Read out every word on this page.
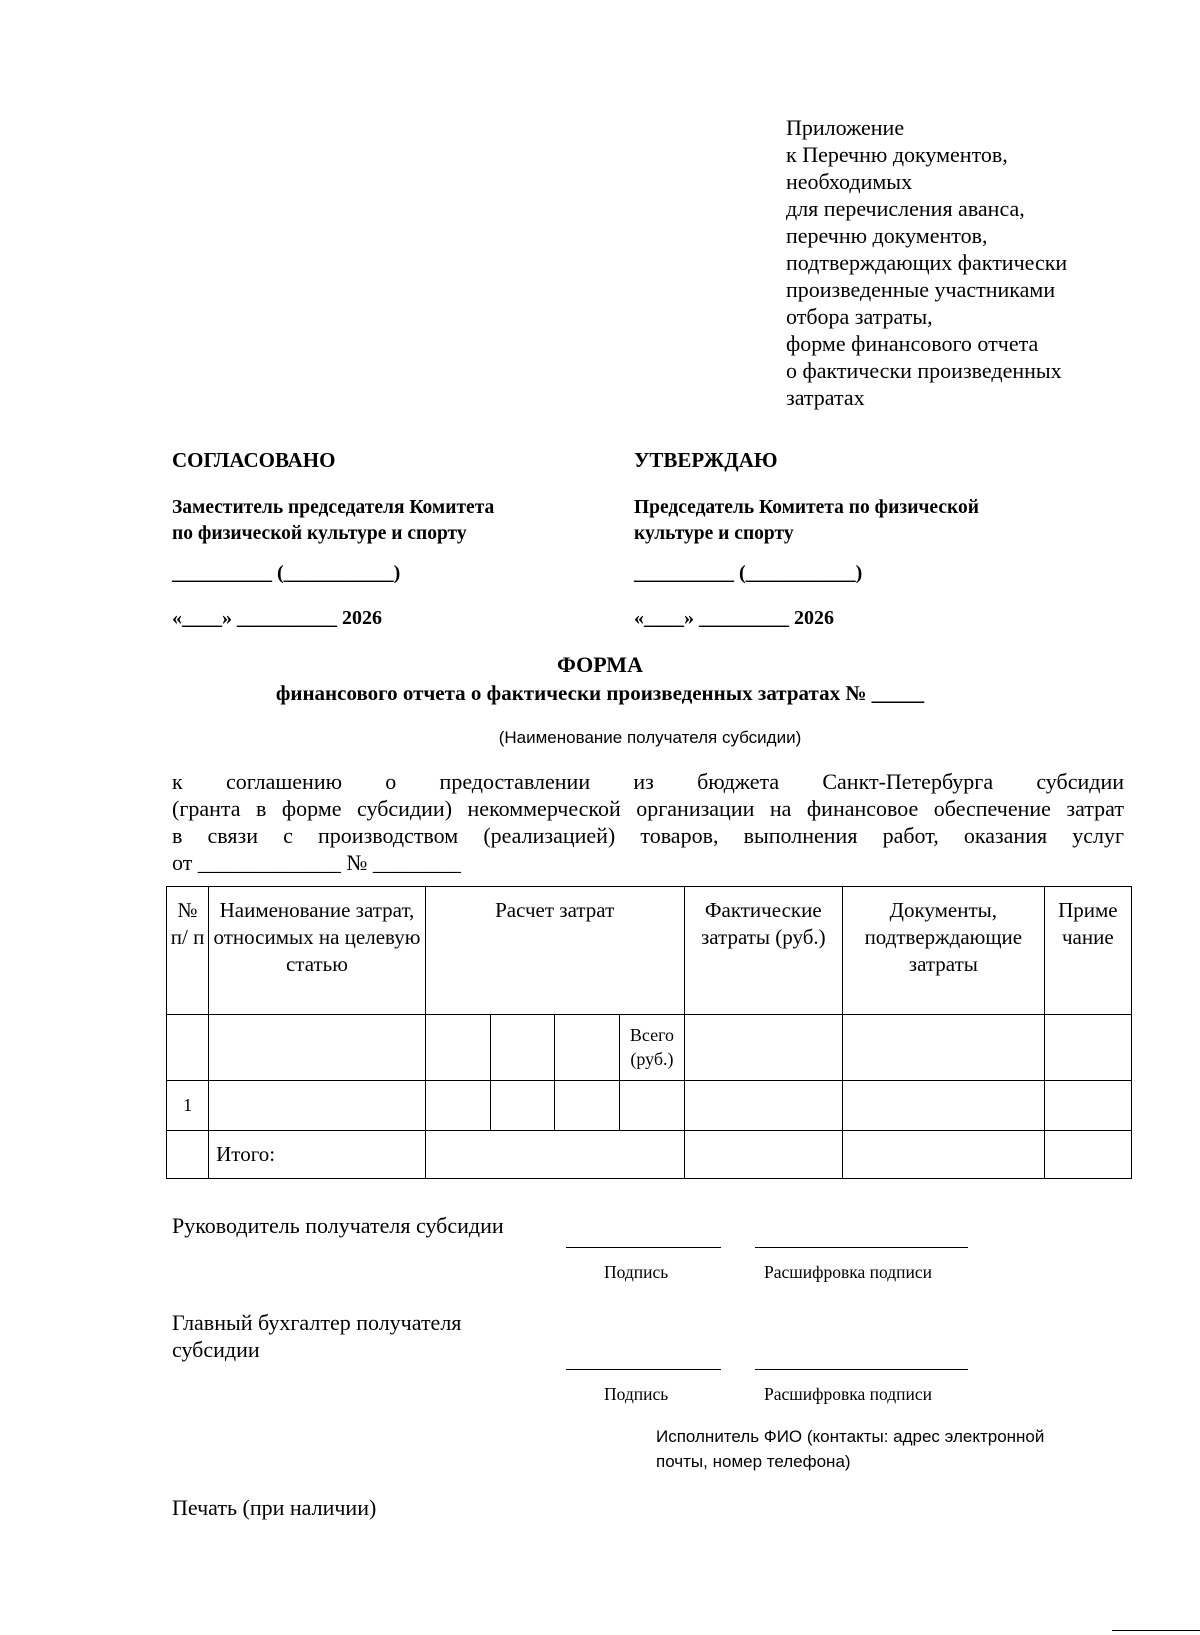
Приложение
к Перечню документов,
необходимых
для перечисления аванса,
перечню документов,
подтверждающих фактически
произведенные участниками
отбора затраты,
форме финансового отчета
о фактически произведенных
затратах
СОГЛАСОВАНО
Заместитель председателя Комитета
по физической культуре и спорту
__________ (___________)
«____» __________ 2026
УТВЕРЖДАЮ
Председатель Комитета по физической
культуре и спорту
__________ (___________)
«____» _________ 2026
ФОРМА
финансового отчета о фактически произведенных затратах № _____
(Наименование получателя субсидии)
к соглашению о предоставлении из бюджета Санкт-Петербурга субсидии
(гранта в форме субсидии) некоммерческой организации на финансовое обеспечение затрат
в связи с производством (реализацией) товаров, выполнения работ, оказания услуг
от _____________ № ________
№ п/ п	Наименование затрат, относимых на целевую статью	Расчет затрат				Фактические затраты (руб.)	Документы, подтверждающие затраты	Приме чание
					Всего (руб.)			
1								
	Итого:							
Руководитель получателя субсидии
Подпись	Расшифровка подписи
Главный бухгалтер получателя
субсидии
Подпись	Расшифровка подписи
Исполнитель ФИО (контакты: адрес электронной
почты, номер телефона)
Печать (при наличии)
